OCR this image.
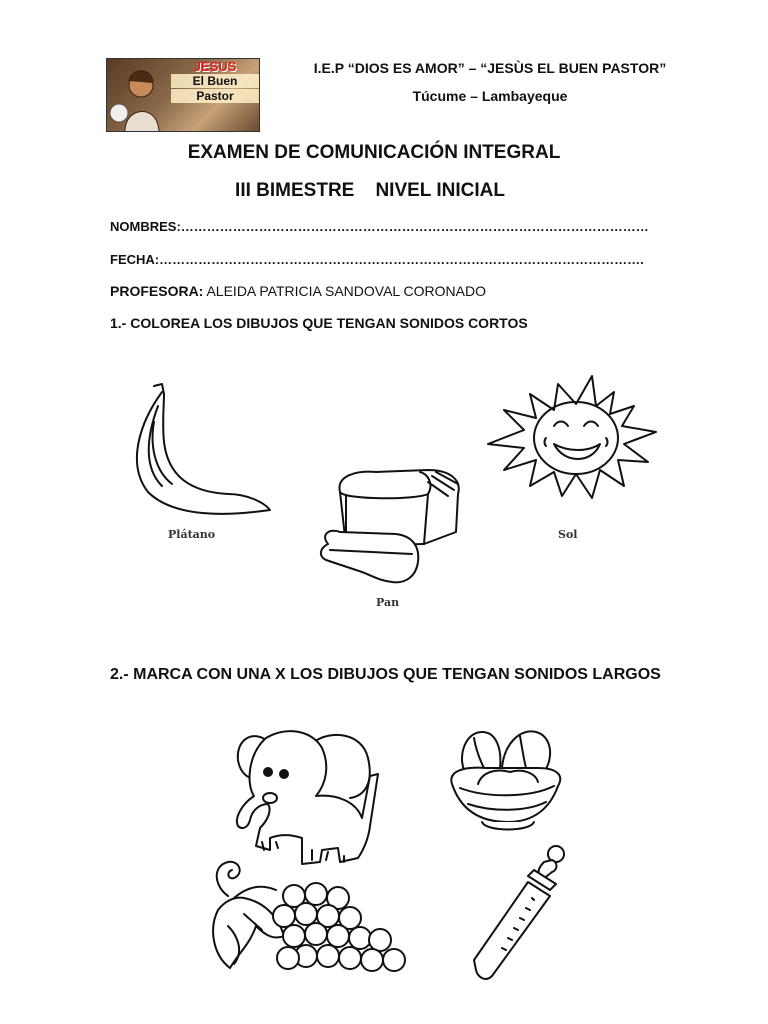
JESUS
El Buen
Pastor
I.E.P “DIOS ES AMOR” – “JESÙS EL BUEN PASTOR”
Túcume – Lambayeque
EXAMEN DE COMUNICACIÓN INTEGRAL
III BIMESTRE    NIVEL INICIAL
NOMBRES:………………………………………………………………………………………………
FECHA:………………………………………………………………………………………………….
PROFESORA: ALEIDA PATRICIA SANDOVAL CORONADO
1.- COLOREA LOS DIBUJOS QUE TENGAN SONIDOS CORTOS
Plátano
Pan
Sol
2.- MARCA CON UNA X LOS DIBUJOS QUE TENGAN SONIDOS LARGOS
